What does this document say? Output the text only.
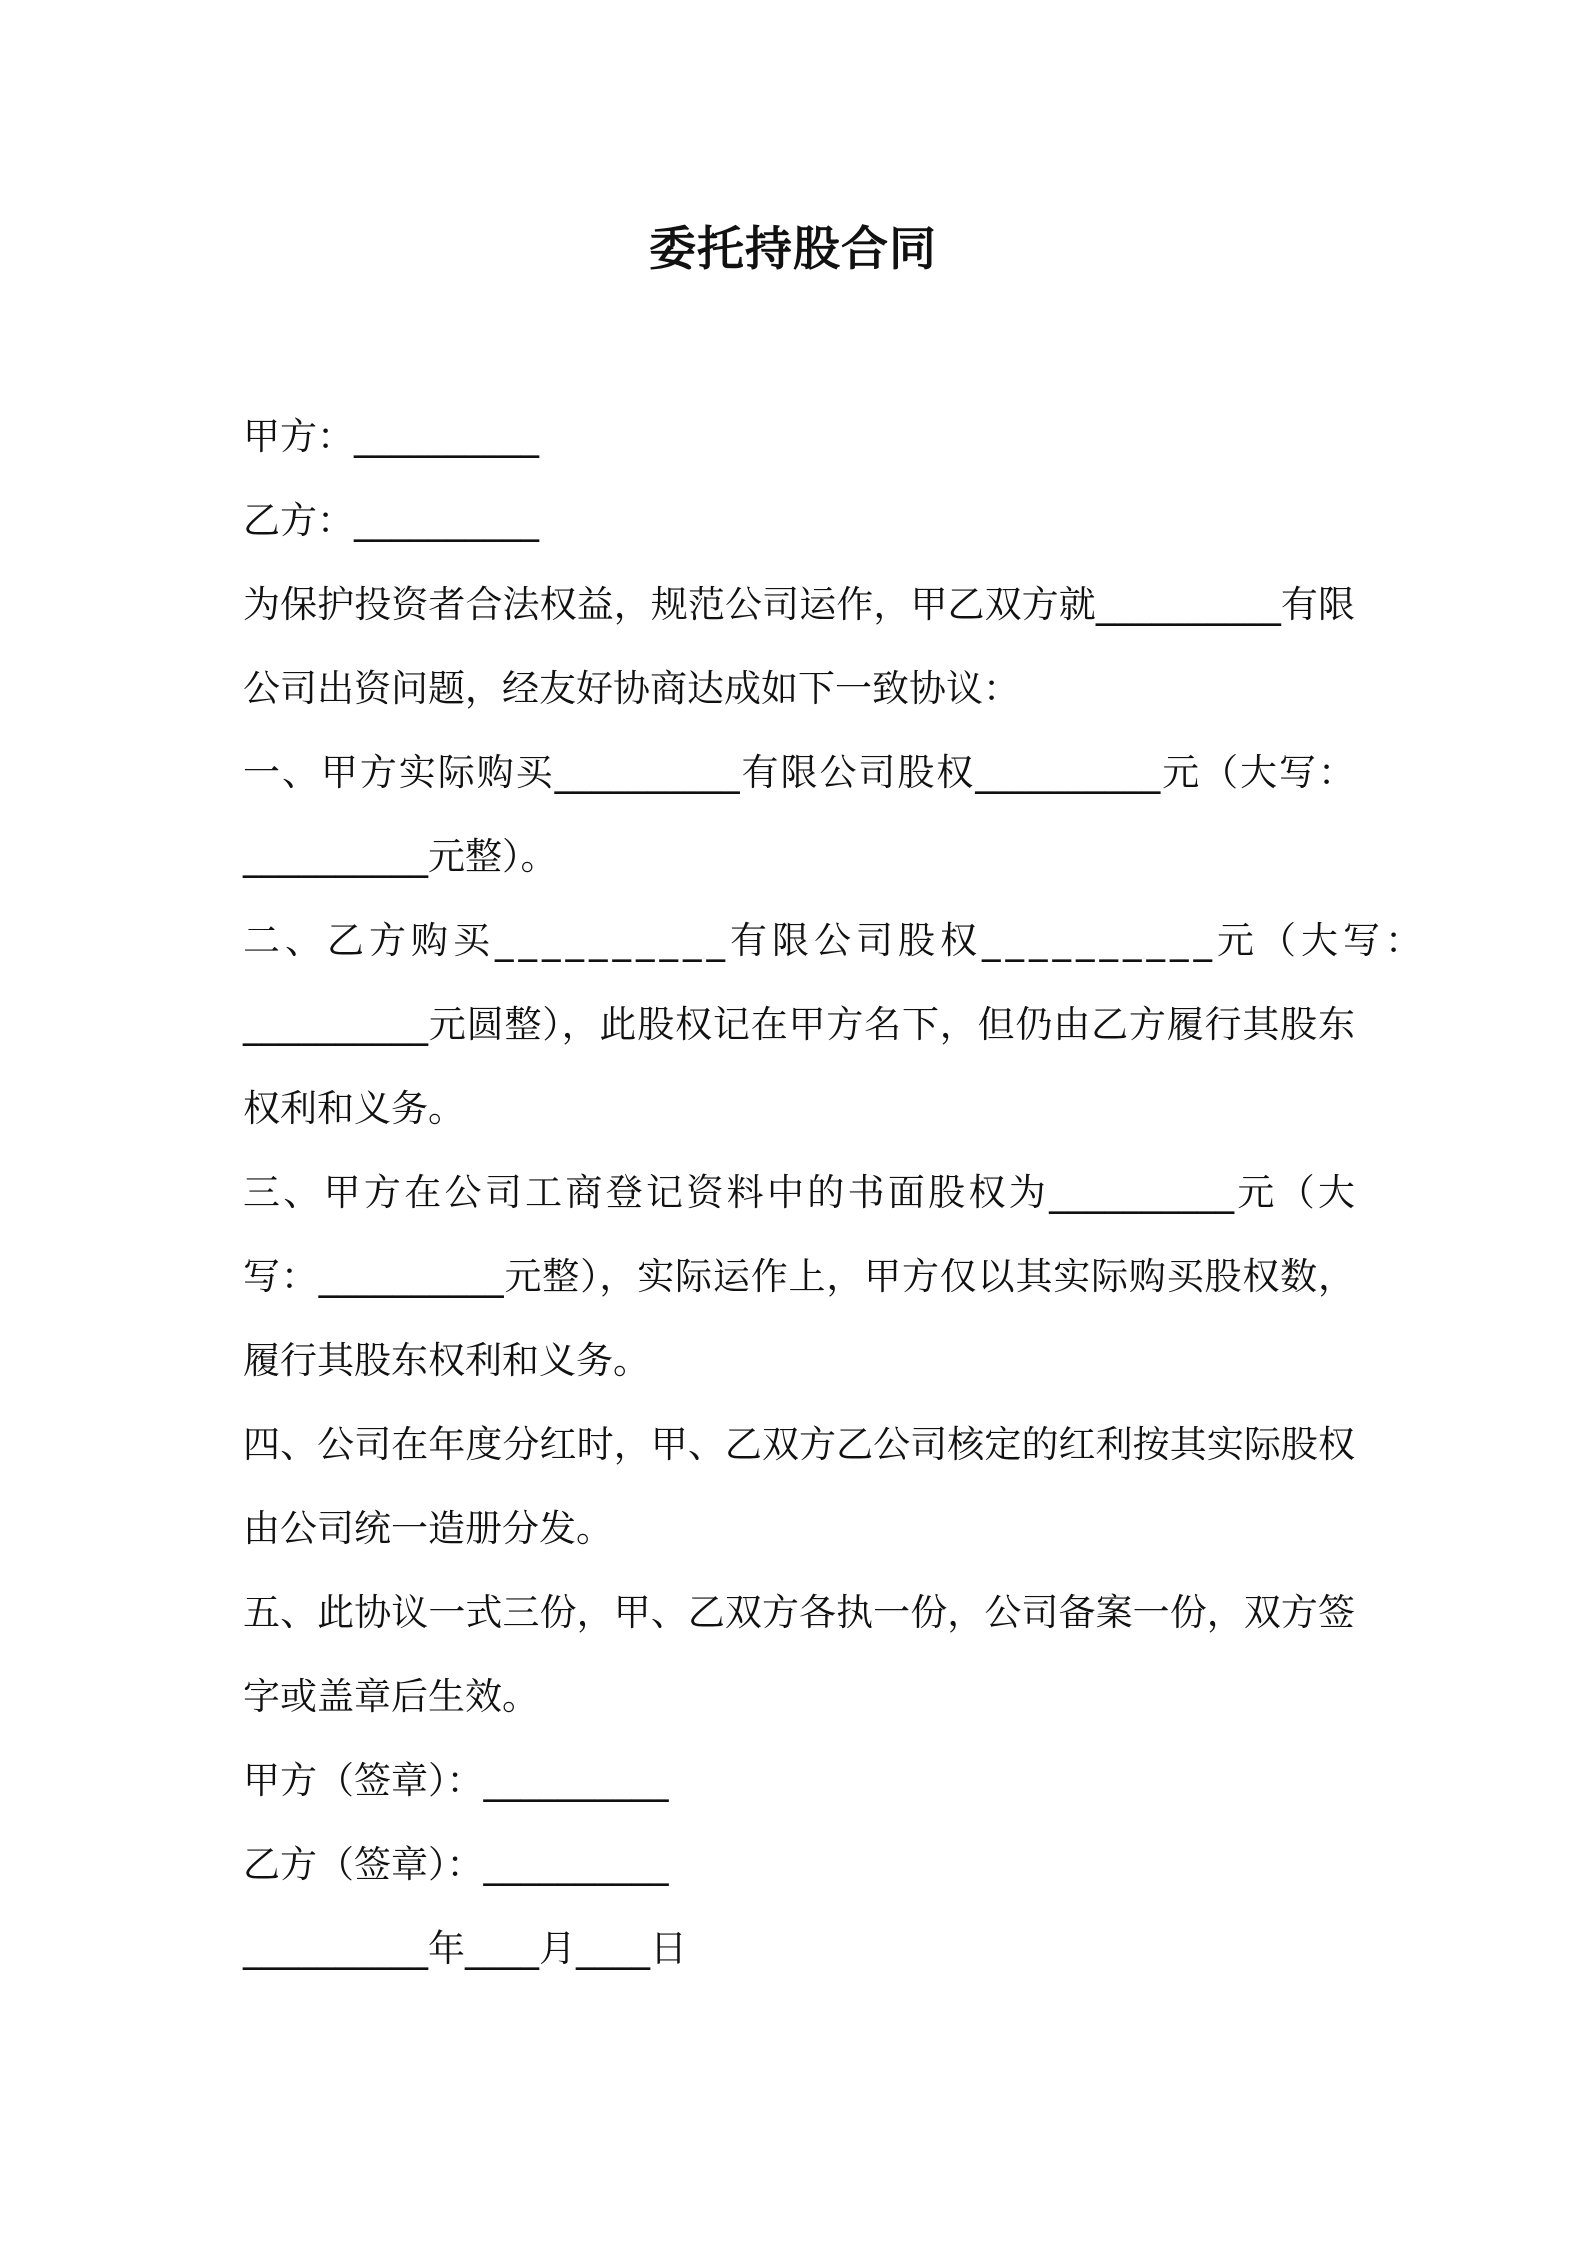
委托持股合同
甲方：__________
乙方：__________
为保护投资者合法权益，规范公司运作，甲乙双方就__________有限
公司出资问题，经友好协商达成如下一致协议：
一、甲方实际购买__________有限公司股权__________元（大写：
__________元整）。
二、乙方购买__________有限公司股权__________元（大写：
__________元圆整），此股权记在甲方名下，但仍由乙方履行其股东
权利和义务。
三、甲方在公司工商登记资料中的书面股权为__________元（大
写：__________元整），实际运作上，甲方仅以其实际购买股权数，
履行其股东权利和义务。
四、公司在年度分红时，甲、乙双方乙公司核定的红利按其实际股权
由公司统一造册分发。
五、此协议一式三份，甲、乙双方各执一份，公司备案一份，双方签
字或盖章后生效。
甲方（签章）：__________
乙方（签章）：__________
__________年____月____日
